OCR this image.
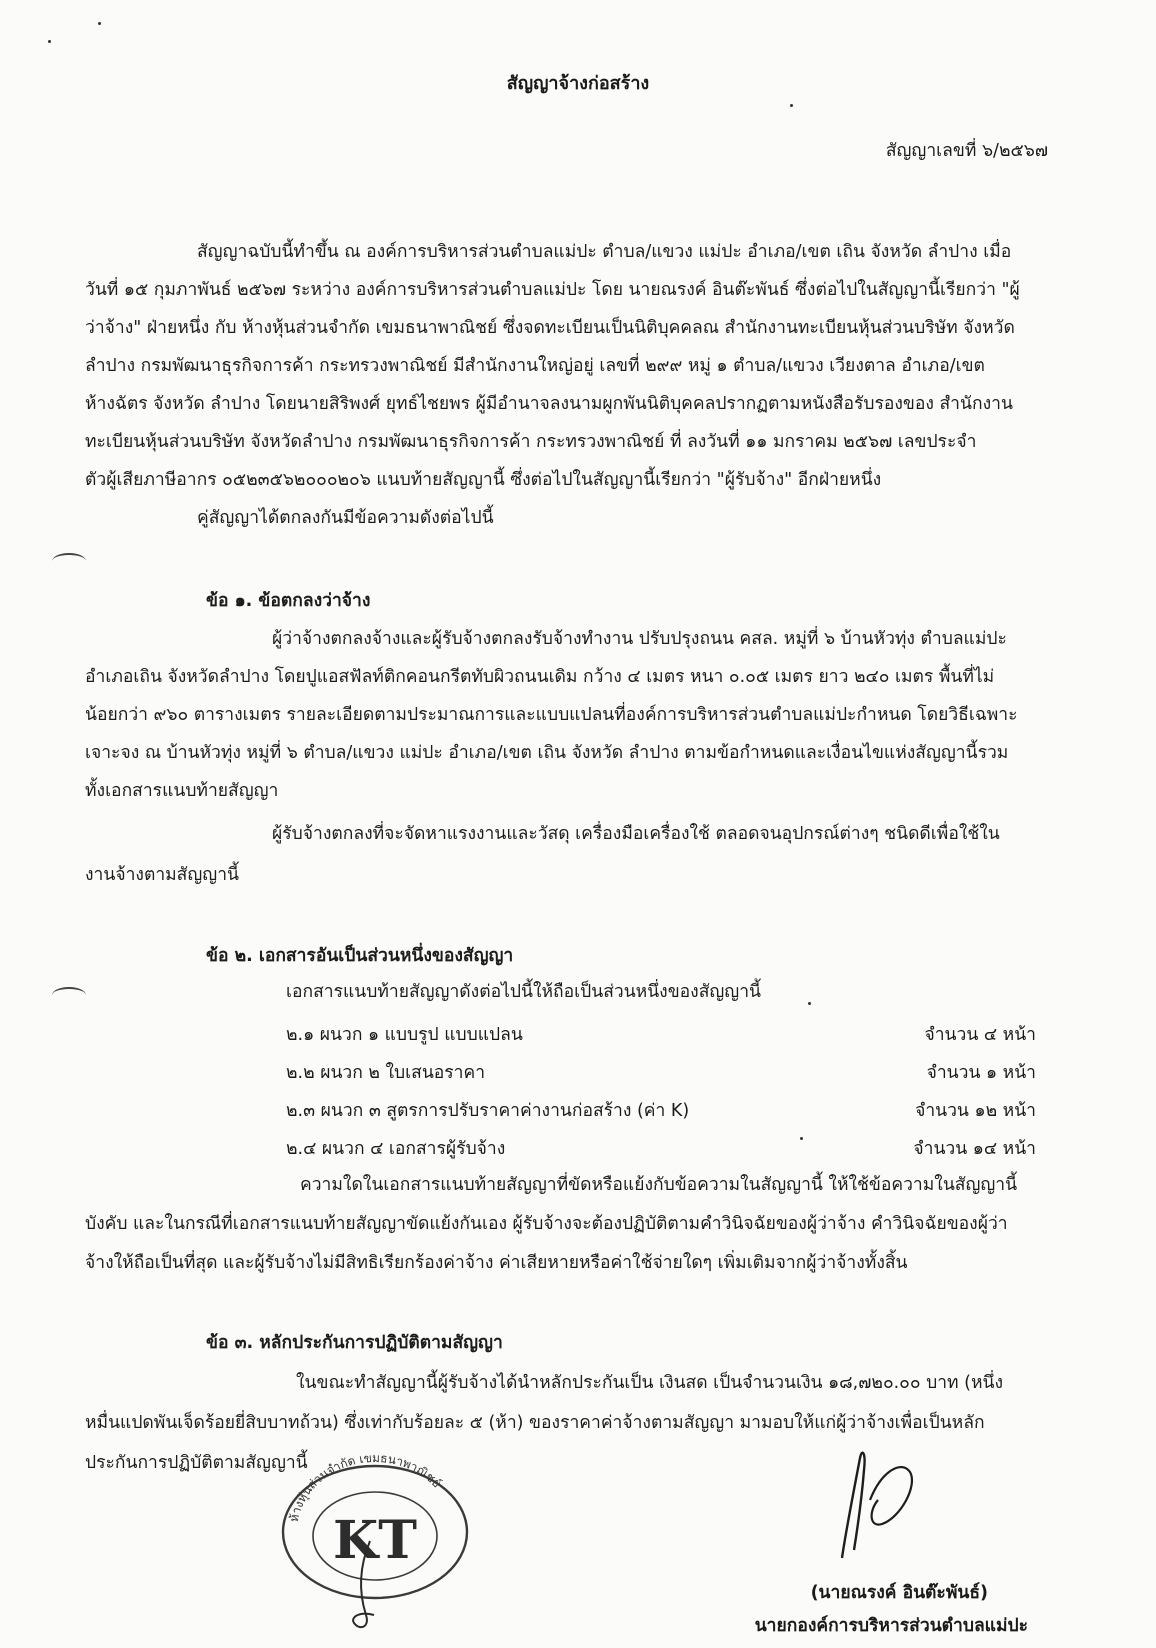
สัญญาจ้างก่อสร้าง
สัญญาเลขที่ ๖/๒๕๖๗
สัญญาฉบับนี้ทำขึ้น ณ องค์การบริหารส่วนตำบลแม่ปะ ตำบล/แขวง แม่ปะ อำเภอ/เขต เถิน จังหวัด ลำปาง เมื่อ
วันที่ ๑๕ กุมภาพันธ์ ๒๕๖๗ ระหว่าง องค์การบริหารส่วนตำบลแม่ปะ โดย นายณรงค์ อินต๊ะพันธ์ ซึ่งต่อไปในสัญญานี้เรียกว่า "ผู้
ว่าจ้าง" ฝ่ายหนึ่ง กับ ห้างหุ้นส่วนจำกัด เขมธนาพาณิชย์ ซึ่งจดทะเบียนเป็นนิติบุคคลณ สำนักงานทะเบียนหุ้นส่วนบริษัท จังหวัด
ลำปาง กรมพัฒนาธุรกิจการค้า กระทรวงพาณิชย์ มีสำนักงานใหญ่อยู่ เลขที่ ๒๙๙ หมู่ ๑ ตำบล/แขวง เวียงตาล อำเภอ/เขต
ห้างฉัตร จังหวัด ลำปาง โดยนายสิริพงศ์ ยุทธ์ไชยพร ผู้มีอำนาจลงนามผูกพันนิติบุคคลปรากฏตามหนังสือรับรองของ สำนักงาน
ทะเบียนหุ้นส่วนบริษัท จังหวัดลำปาง กรมพัฒนาธุรกิจการค้า กระทรวงพาณิชย์ ที่ ลงวันที่ ๑๑ มกราคม ๒๕๖๗ เลขประจำ
ตัวผู้เสียภาษีอากร ๐๕๒๓๕๖๒๐๐๐๒๐๖ แนบท้ายสัญญานี้ ซึ่งต่อไปในสัญญานี้เรียกว่า "ผู้รับจ้าง" อีกฝ่ายหนึ่ง
คู่สัญญาได้ตกลงกันมีข้อความดังต่อไปนี้
ข้อ ๑. ข้อตกลงว่าจ้าง
ผู้ว่าจ้างตกลงจ้างและผู้รับจ้างตกลงรับจ้างทำงาน ปรับปรุงถนน คสล. หมู่ที่ ๖ บ้านหัวทุ่ง ตำบลแม่ปะ
อำเภอเถิน จังหวัดลำปาง โดยปูแอสฟัลท์ติกคอนกรีตทับผิวถนนเดิม กว้าง ๔ เมตร หนา ๐.๐๕ เมตร ยาว ๒๔๐ เมตร พื้นที่ไม่
น้อยกว่า ๙๖๐ ตารางเมตร รายละเอียดตามประมาณการและแบบแปลนที่องค์การบริหารส่วนตำบลแม่ปะกำหนด โดยวิธีเฉพาะ
เจาะจง ณ บ้านหัวทุ่ง หมู่ที่ ๖ ตำบล/แขวง แม่ปะ อำเภอ/เขต เถิน จังหวัด ลำปาง ตามข้อกำหนดและเงื่อนไขแห่งสัญญานี้รวม
ทั้งเอกสารแนบท้ายสัญญา
ผู้รับจ้างตกลงที่จะจัดหาแรงงานและวัสดุ เครื่องมือเครื่องใช้ ตลอดจนอุปกรณ์ต่างๆ ชนิดดีเพื่อใช้ใน
งานจ้างตามสัญญานี้
ข้อ ๒. เอกสารอันเป็นส่วนหนึ่งของสัญญา
เอกสารแนบท้ายสัญญาดังต่อไปนี้ให้ถือเป็นส่วนหนึ่งของสัญญานี้
๒.๑ ผนวก ๑ แบบรูป แบบแปลน	จำนวน ๔ หน้า
๒.๒ ผนวก ๒ ใบเสนอราคา	จำนวน ๑ หน้า
๒.๓ ผนวก ๓ สูตรการปรับราคาค่างานก่อสร้าง (ค่า K)	จำนวน ๑๒ หน้า
๒.๔ ผนวก ๔ เอกสารผู้รับจ้าง	จำนวน ๑๔ หน้า
ความใดในเอกสารแนบท้ายสัญญาที่ขัดหรือแย้งกับข้อความในสัญญานี้ ให้ใช้ข้อความในสัญญานี้
บังคับ และในกรณีที่เอกสารแนบท้ายสัญญาขัดแย้งกันเอง ผู้รับจ้างจะต้องปฏิบัติตามคำวินิจฉัยของผู้ว่าจ้าง คำวินิจฉัยของผู้ว่า
จ้างให้ถือเป็นที่สุด และผู้รับจ้างไม่มีสิทธิเรียกร้องค่าจ้าง ค่าเสียหายหรือค่าใช้จ่ายใดๆ เพิ่มเติมจากผู้ว่าจ้างทั้งสิ้น
ข้อ ๓. หลักประกันการปฏิบัติตามสัญญา
ในขณะทำสัญญานี้ผู้รับจ้างได้นำหลักประกันเป็น เงินสด เป็นจำนวนเงิน ๑๘,๗๒๐.๐๐ บาท (หนึ่ง
หมื่นแปดพันเจ็ดร้อยยี่สิบบาทถ้วน) ซึ่งเท่ากับร้อยละ ๕ (ห้า) ของราคาค่าจ้างตามสัญญา มามอบให้แก่ผู้ว่าจ้างเพื่อเป็นหลัก
ประกันการปฏิบัติตามสัญญานี้
ห้างหุ้นส่วนจำกัด เขมธนาพาณิชย์
KT
(นายณรงค์ อินต๊ะพันธ์)
นายกองค์การบริหารส่วนตำบลแม่ปะ
